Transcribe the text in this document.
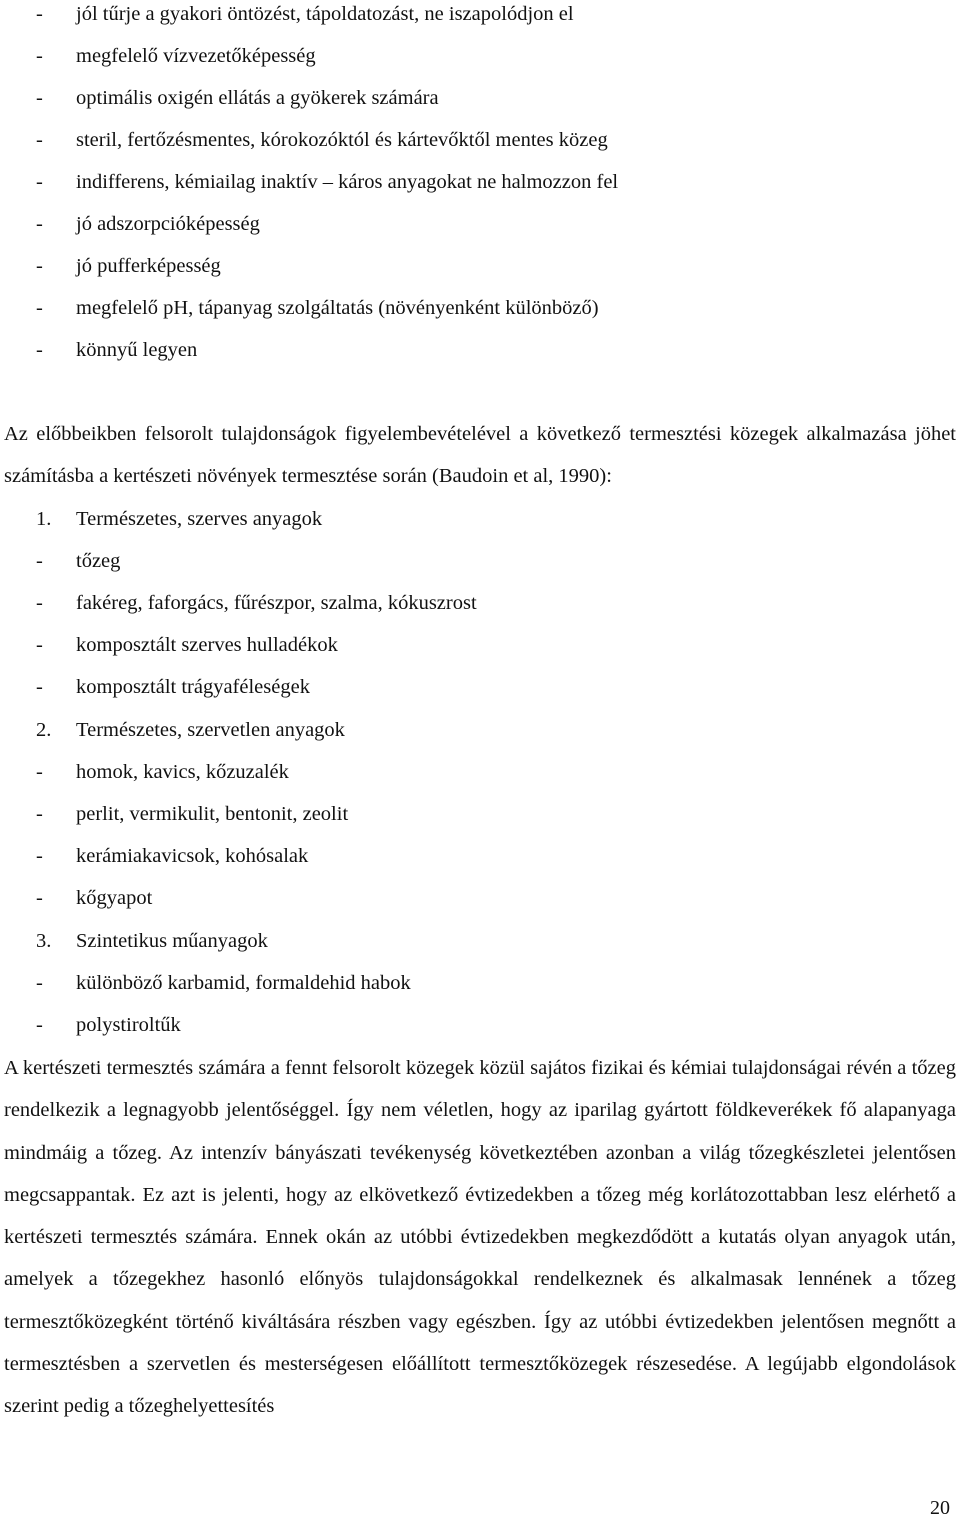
- jól tűrje a gyakori öntözést, tápoldatozást, ne iszapolódjon el
- megfelelő vízvezetőképesség
- optimális oxigén ellátás a gyökerek számára
- steril, fertőzésmentes, kórokozóktól és kártevőktől mentes közeg
- indifferens, kémiailag inaktív – káros anyagokat ne halmozzon fel
- jó adszorpcióképesség
- jó pufferképesség
- megfelelő pH, tápanyag szolgáltatás (növényenként különböző)
- könnyű legyen

Az előbbeikben felsorolt tulajdonságok figyelembevételével a következő termesztési közegek alkalmazása jöhet számításba a kertészeti növények termesztése során (Baudoin et al, 1990):

1. Természetes, szerves anyagok
- tőzeg
- fakéreg, faforgács, fűrészpor, szalma, kókuszrost
- komposztált szerves hulladékok
- komposztált trágyaféleségek
2. Természetes, szervetlen anyagok
- homok, kavics, kőzuzalék
- perlit, vermikulit, bentonit, zeolit
- kerámiakavicsok, kohósalak
- kőgyapot
3. Szintetikus műanyagok
- különböző karbamid, formaldehid habok
- polystiroltűk

A kertészeti termesztés számára a fennt felsorolt közegek közül sajátos fizikai és kémiai tulajdonságai révén a tőzeg rendelkezik a legnagyobb jelentőséggel. Így nem véletlen, hogy az iparilag gyártott földkeverékek fő alapanyaga mindmáig a tőzeg. Az intenzív bányászati tevékenység következtében azonban a világ tőzegkészletei jelentősen megcsappantak. Ez azt is jelenti, hogy az elkövetkező évtizedekben a tőzeg még korlátozottabban lesz elérhető a kertészeti termesztés számára. Ennek okán az utóbbi évtizedekben megkezdődött a kutatás olyan anyagok után, amelyek a tőzegekhez hasonló előnyös tulajdonságokkal rendelkeznek és alkalmasak lennének a tőzeg termesztőközegként történő kiváltására részben vagy egészben. Így az utóbbi évtizedekben jelentősen megnőtt a termesztésben a szervetlen és mesterségesen előállított termesztőközegek részesedése. A legújabb elgondolások szerint pedig a tőzeghelyettesítés

20
